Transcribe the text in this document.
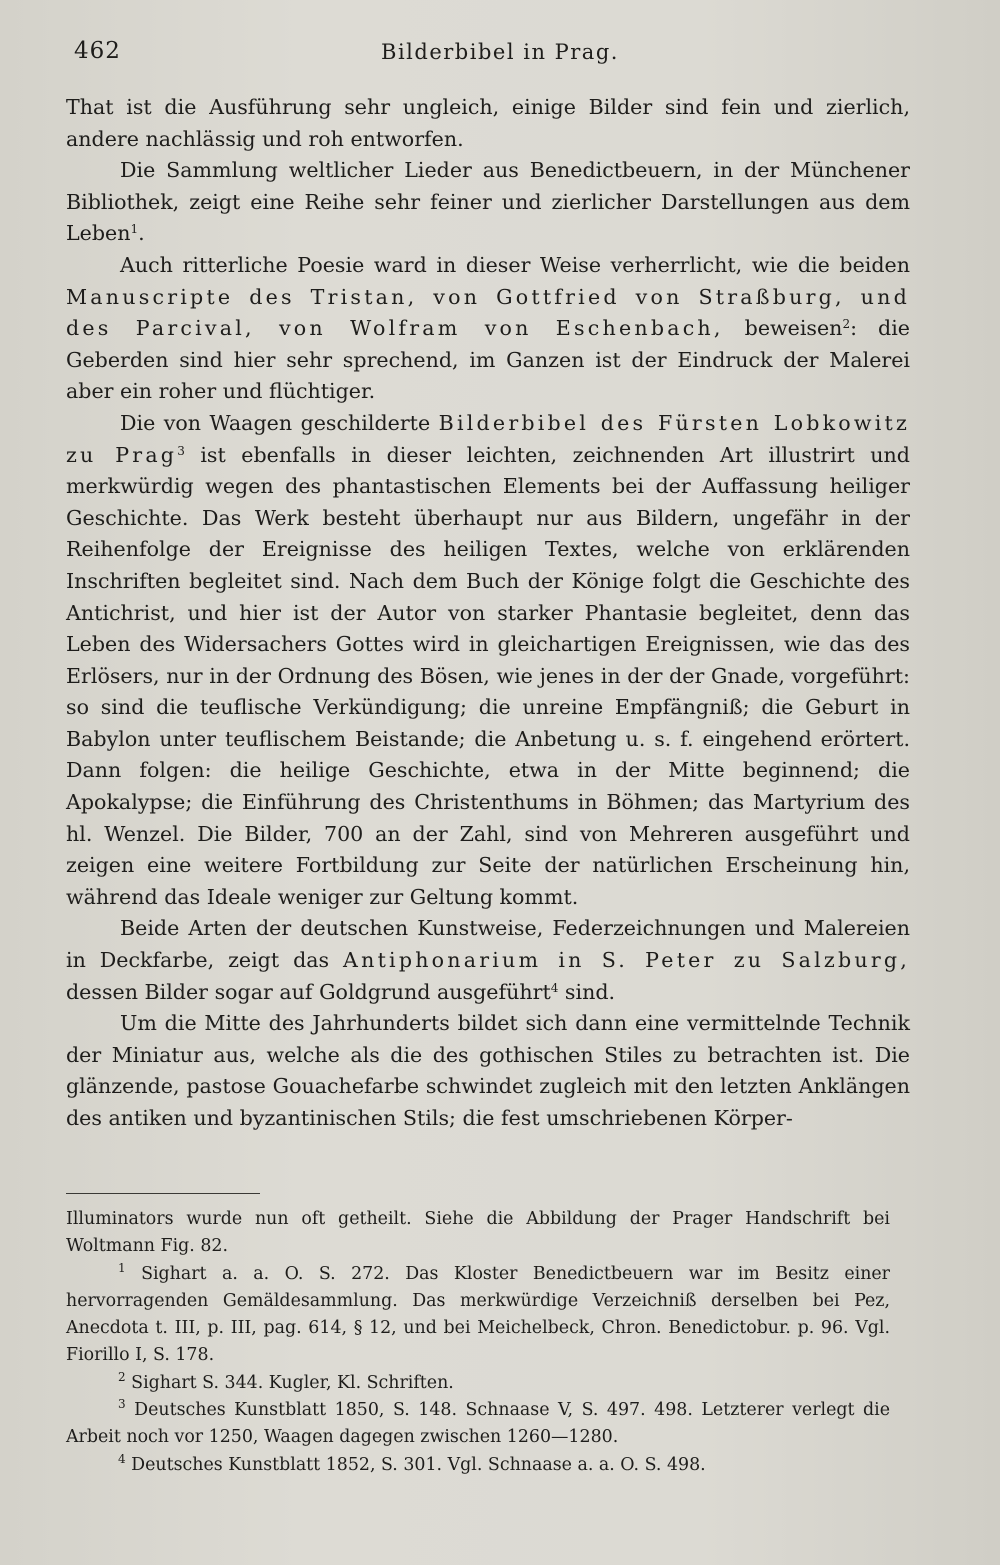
462	Bilderbibel in Prag.

That ist die Ausführung sehr ungleich, einige Bilder sind fein und zierlich, andere nachlässig und roh entworfen.

Die Sammlung weltlicher Lieder aus Benedictbeuern, in der Münchener Bibliothek, zeigt eine Reihe sehr feiner und zierlicher Darstellungen aus dem Leben$^1$.

Auch ritterliche Poesie ward in dieser Weise verherrlicht, wie die beiden Manuscripte des Tristan, von Gottfried von Straßburg, und des Parcival, von Wolfram von Eschenbach, beweisen$^2$: die Geberden sind hier sehr sprechend, im Ganzen ist der Eindruck der Malerei aber ein roher und flüchtiger.

Die von Waagen geschilderte Bilderbibel des Fürsten Lobkowitz zu Prag$^3$ ist ebenfalls in dieser leichten, zeichnenden Art illustrirt und merkwürdig wegen des phantastischen Elements bei der Auffassung heiliger Geschichte. Das Werk besteht überhaupt nur aus Bildern, ungefähr in der Reihenfolge der Ereignisse des heiligen Textes, welche von erklärenden Inschriften begleitet sind. Nach dem Buch der Könige folgt die Geschichte des Antichrist, und hier ist der Autor von starker Phantasie begleitet, denn das Leben des Widersachers Gottes wird in gleichartigen Ereignissen, wie das des Erlösers, nur in der Ordnung des Bösen, wie jenes in der der Gnade, vorgeführt: so sind die teuflische Verkündigung; die unreine Empfängniß; die Geburt in Babylon unter teuflischem Beistande; die Anbetung u. s. f. eingehend erörtert. Dann folgen: die heilige Geschichte, etwa in der Mitte beginnend; die Apokalypse; die Einführung des Christenthums in Böhmen; das Martyrium des hl. Wenzel. Die Bilder, 700 an der Zahl, sind von Mehreren ausgeführt und zeigen eine weitere Fortbildung zur Seite der natürlichen Erscheinung hin, während das Ideale weniger zur Geltung kommt.

Beide Arten der deutschen Kunstweise, Federzeichnungen und Malereien in Deckfarbe, zeigt das Antiphonarium in S. Peter zu Salzburg, dessen Bilder sogar auf Goldgrund ausgeführt$^4$ sind.

Um die Mitte des Jahrhunderts bildet sich dann eine vermittelnde Technik der Miniatur aus, welche als die des gothischen Stiles zu betrachten ist. Die glänzende, pastose Gouachefarbe schwindet zugleich mit den letzten Anklängen des antiken und byzantinischen Stils; die fest umschriebenen Körper-

Illuminators wurde nun oft getheilt. Siehe die Abbildung der Prager Handschrift bei Woltmann Fig. 82.

$^1$ Sighart a. a. O. S. 272. Das Kloster Benedictbeuern war im Besitz einer hervorragenden Gemäldesammlung. Das merkwürdige Verzeichniß derselben bei Pez, Anecdota t. III, p. III, pag. 614, § 12, und bei Meichelbeck, Chron. Benedictobur. p. 96. Vgl. Fiorillo I, S. 178.

$^2$ Sighart S. 344. Kugler, Kl. Schriften.

$^3$ Deutsches Kunstblatt 1850, S. 148. Schnaase V, S. 497. 498. Letzterer verlegt die Arbeit noch vor 1250, Waagen dagegen zwischen 1260—1280.

$^4$ Deutsches Kunstblatt 1852, S. 301. Vgl. Schnaase a. a. O. S. 498.
